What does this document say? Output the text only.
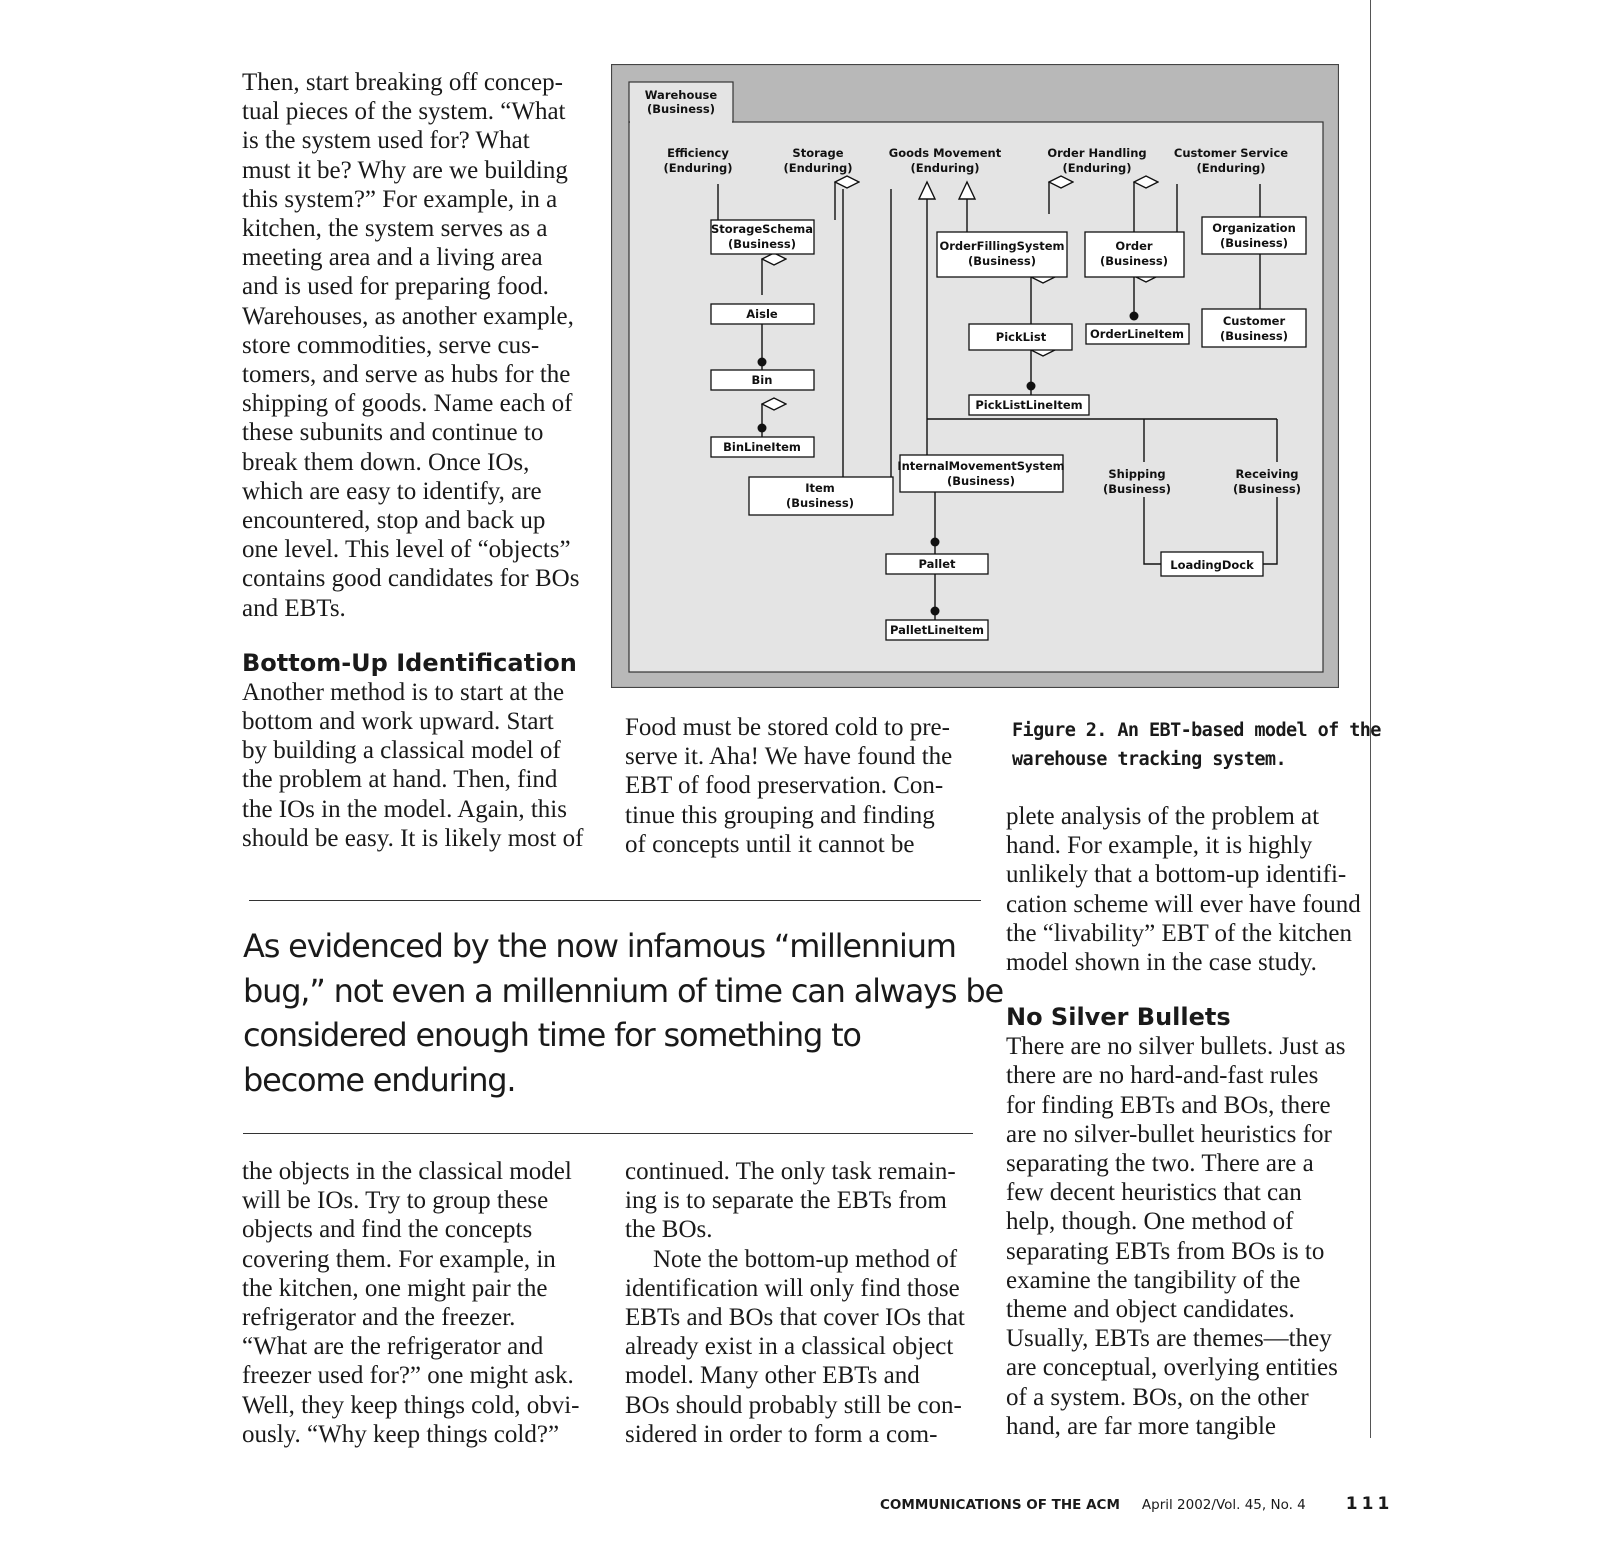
Then, start breaking off concep-
tual pieces of the system. “What
is the system used for? What
must it be? Why are we building
this system?” For example, in a
kitchen, the system serves as a
meeting area and a living area
and is used for preparing food.
Warehouses, as another example,
store commodities, serve cus-
tomers, and serve as hubs for the
shipping of goods. Name each of
these subunits and continue to
break them down. Once IOs,
which are easy to identify, are
encountered, stop and back up
one level. This level of “objects”
contains good candidates for BOs
and EBTs.
Bottom-Up Identification
Another method is to start at the
bottom and work upward. Start
by building a classical model of
the problem at hand. Then, find
the IOs in the model. Again, this
should be easy. It is likely most of
the objects in the classical model
will be IOs. Try to group these
objects and find the concepts
covering them. For example, in
the kitchen, one might pair the
refrigerator and the freezer.
“What are the refrigerator and
freezer used for?” one might ask.
Well, they keep things cold, obvi-
ously. “Why keep things cold?”
Food must be stored cold to pre-
serve it. Aha! We have found the
EBT of food preservation. Con-
tinue this grouping and finding
of concepts until it cannot be
continued. The only task remain-
ing is to separate the EBTs from
the BOs.
Note the bottom-up method of
identification will only find those
EBTs and BOs that cover IOs that
already exist in a classical object
model. Many other EBTs and
BOs should probably still be con-
sidered in order to form a com-
plete analysis of the problem at
hand. For example, it is highly
unlikely that a bottom-up identifi-
cation scheme will ever have found
the “livability” EBT of the kitchen
model shown in the case study.
No Silver Bullets
There are no silver bullets. Just as
there are no hard-and-fast rules
for finding EBTs and BOs, there
are no silver-bullet heuristics for
separating the two. There are a
few decent heuristics that can
help, though. One method of
separating EBTs from BOs is to
examine the tangibility of the
theme and object candidates.
Usually, EBTs are themes—they
are conceptual, overlying entities
of a system. BOs, on the other
hand, are far more tangible
Figure 2. An EBT-based model of the
warehouse tracking system.
As evidenced by the now infamous “millennium
bug,” not even a millennium of time can always be
considered enough time for something to
become enduring.
Warehouse (Business)
Efficiency (Enduring)
Storage (Enduring)
Goods Movement (Enduring)
Order Handling (Enduring)
Customer Service (Enduring)
StorageSchema (Business)
Aisle
Bin
BinLineItem
Item (Business)
OrderFillingSystem (Business)
PickList
PickListLineItem
Order (Business)
OrderLineItem
Organization (Business)
Customer (Business)
InternalMovementSystem (Business)
Pallet
PalletLineItem
LoadingDock
Shipping (Business)
Receiving (Business)
COMMUNICATIONS OF THE ACM April 2002/Vol. 45, No. 4 111
